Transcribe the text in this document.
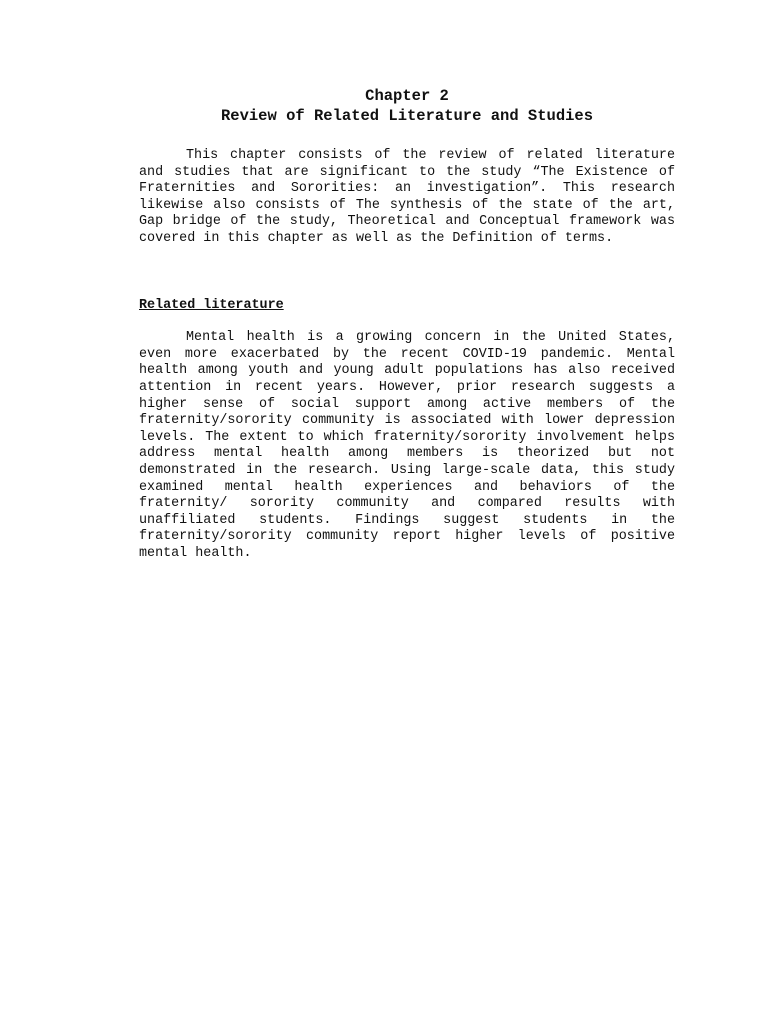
Chapter 2
Review of Related Literature and Studies

This chapter consists of the review of related literature and studies that are significant to the study “The Existence of Fraternities and Sororities: an investigation”. This research likewise also consists of The synthesis of the state of the art, Gap bridge of the study, Theoretical and Conceptual framework was covered in this chapter as well as the Definition of terms.

Related literature

Mental health is a growing concern in the United States, even more exacerbated by the recent COVID-19 pandemic. Mental health among youth and young adult populations has also received attention in recent years. However, prior research suggests a higher sense of social support among active members of the fraternity/sorority community is associated with lower depression levels. The extent to which fraternity/sorority involvement helps address mental health among members is theorized but not demonstrated in the research. Using large-scale data, this study examined mental health experiences and behaviors of the fraternity/ sorority community and compared results with unaffiliated students. Findings suggest students in the fraternity/sorority community report higher levels of positive mental health.
